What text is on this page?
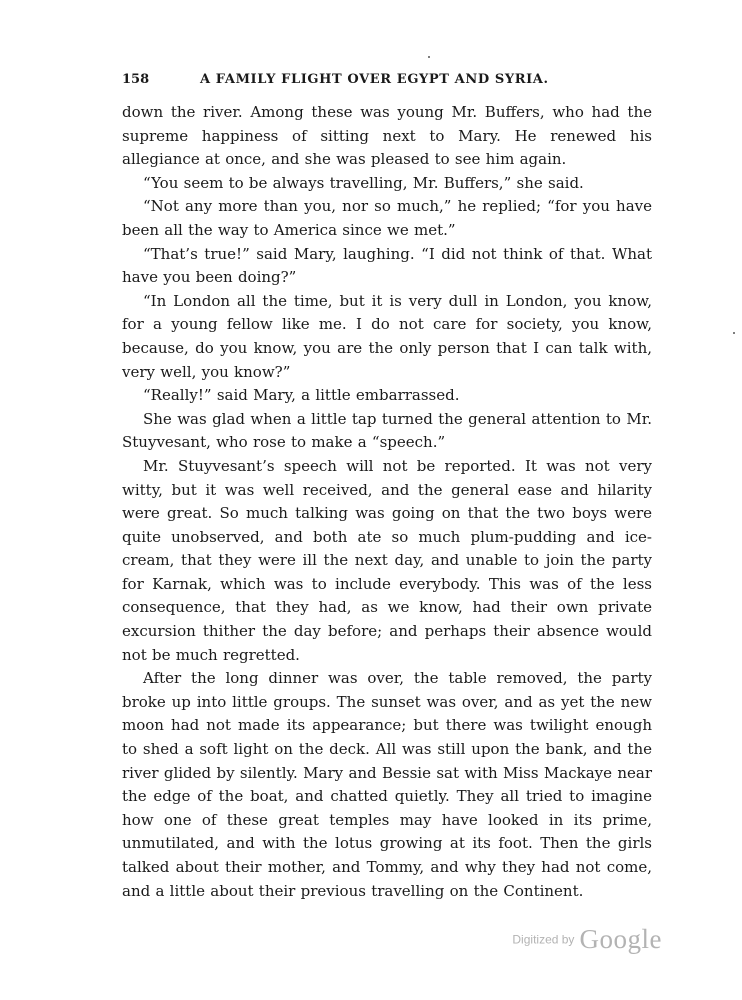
158	A FAMILY FLIGHT OVER EGYPT AND SYRIA.

down the river. Among these was young Mr. Buffers, who had the supreme happiness of sitting next to Mary. He renewed his allegiance at once, and she was pleased to see him again.

“You seem to be always travelling, Mr. Buffers,” she said.

“Not any more than you, nor so much,” he replied; “for you have been all the way to America since we met.”

“That’s true!” said Mary, laughing. “I did not think of that. What have you been doing?”

“In London all the time, but it is very dull in London, you know, for a young fellow like me. I do not care for society, you know, because, do you know, you are the only person that I can talk with, very well, you know?”

“Really!” said Mary, a little embarrassed.

She was glad when a little tap turned the general attention to Mr. Stuyvesant, who rose to make a “speech.”

Mr. Stuyvesant’s speech will not be reported. It was not very witty, but it was well received, and the general ease and hilarity were great. So much talking was going on that the two boys were quite unobserved, and both ate so much plum-pudding and ice-cream, that they were ill the next day, and unable to join the party for Karnak, which was to include everybody. This was of the less consequence, that they had, as we know, had their own private excursion thither the day before; and perhaps their absence would not be much regretted.

After the long dinner was over, the table removed, the party broke up into little groups. The sunset was over, and as yet the new moon had not made its appearance; but there was twilight enough to shed a soft light on the deck. All was still upon the bank, and the river glided by silently. Mary and Bessie sat with Miss Mackaye near the edge of the boat, and chatted quietly. They all tried to imagine how one of these great temples may have looked in its prime, unmutilated, and with the lotus growing at its foot. Then the girls talked about their mother, and Tommy, and why they had not come, and a little about their previous travelling on the Continent.

Digitized by Google
